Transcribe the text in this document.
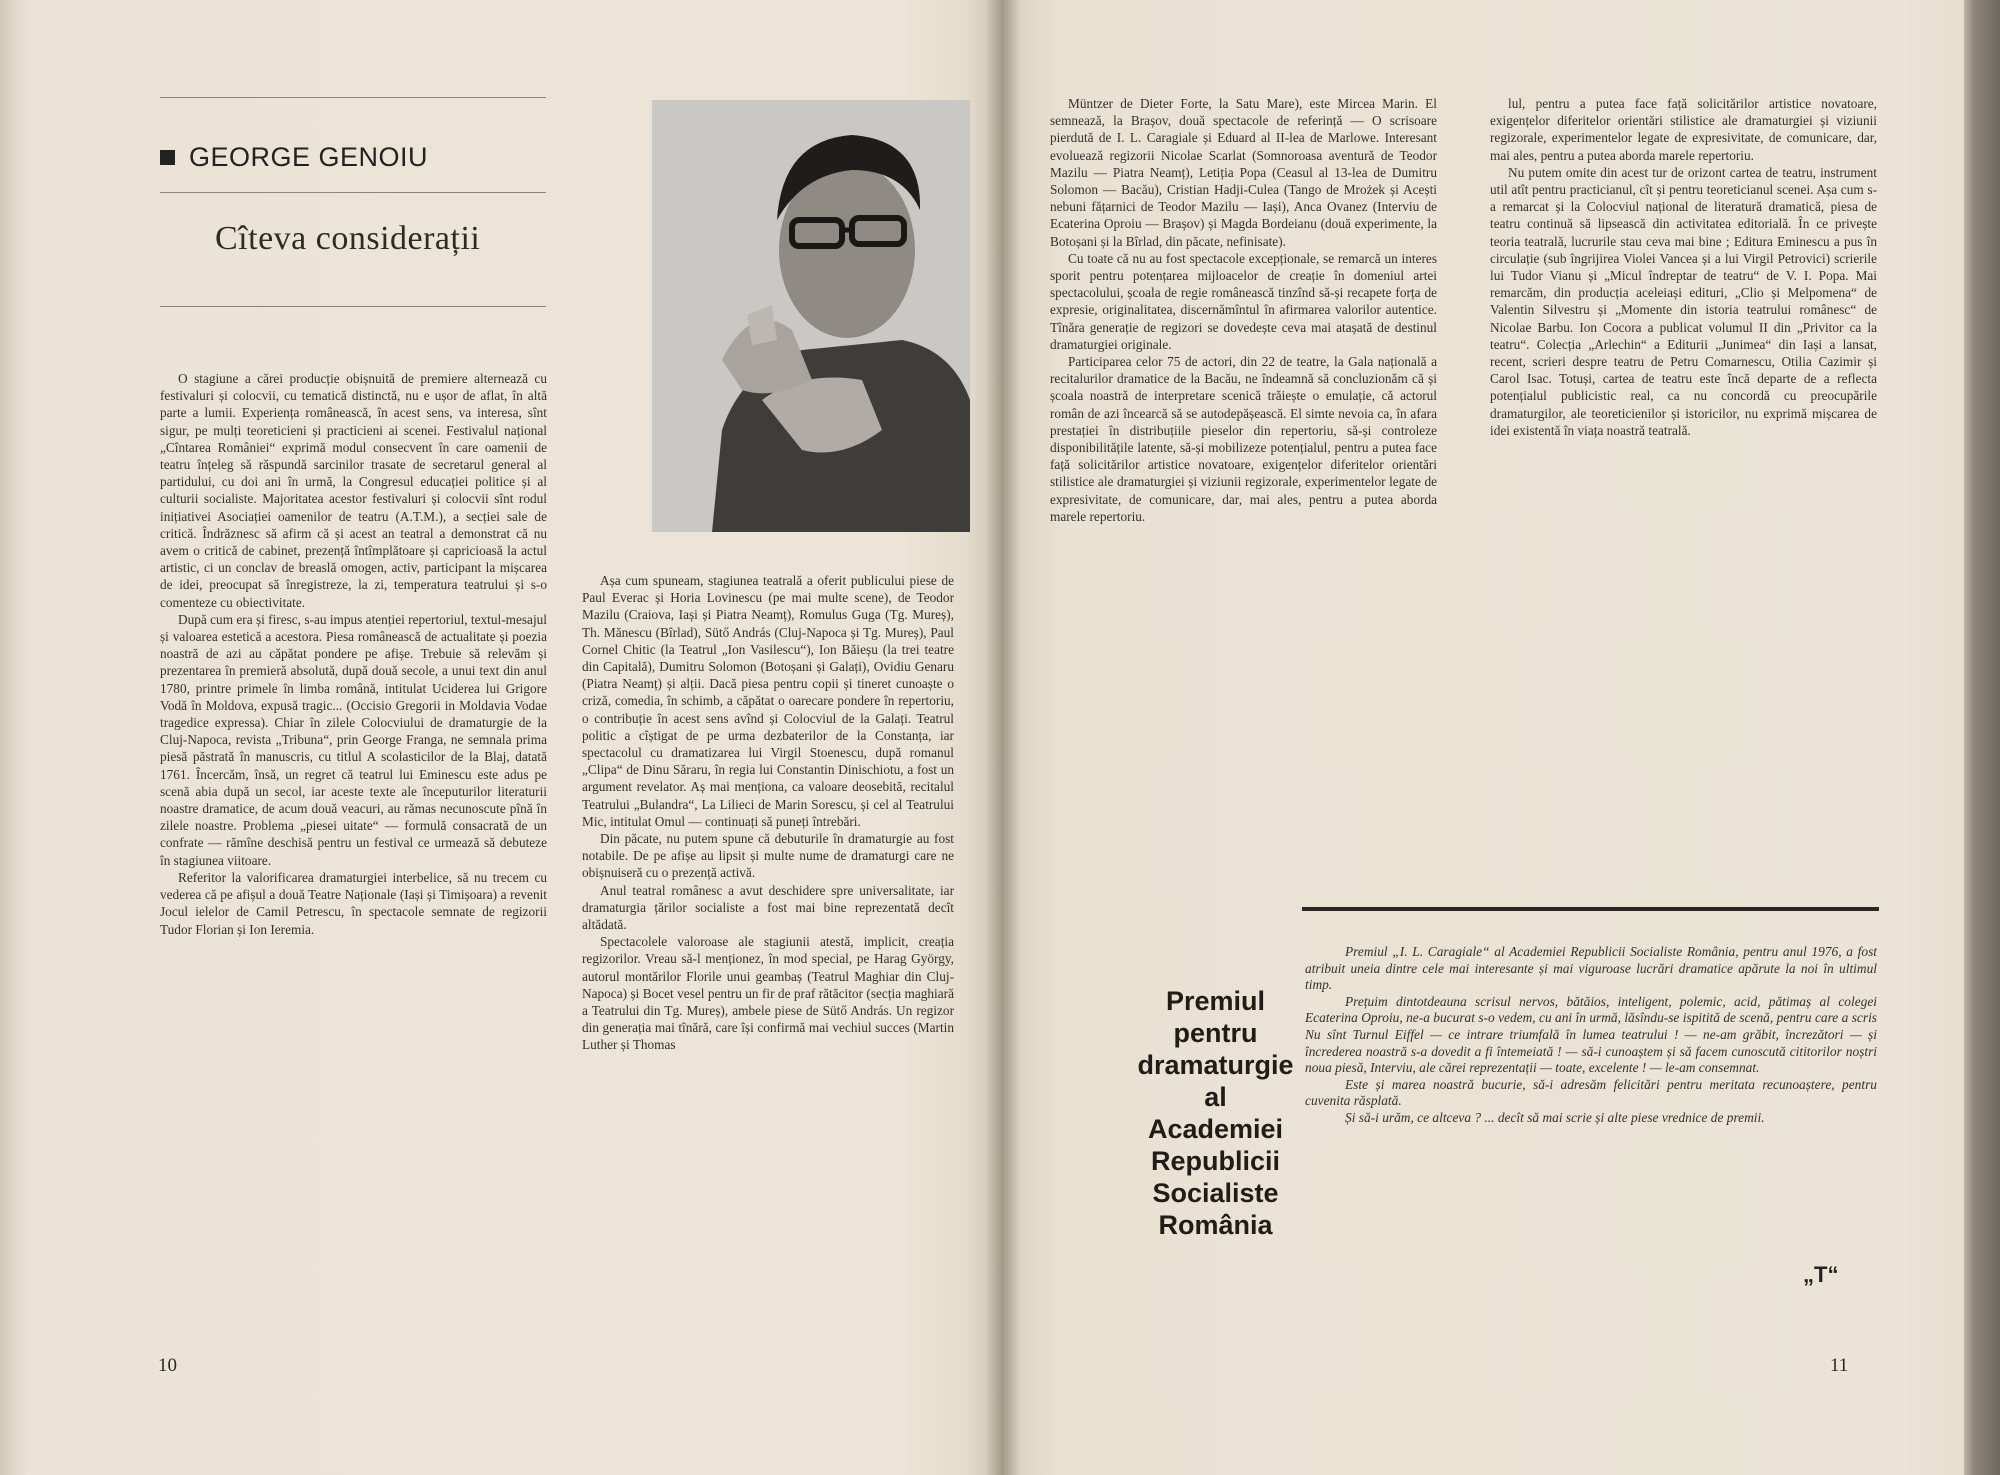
GEORGE GENOIU
Cîteva considerații

O stagiune a cărei producție obișnuită de premiere alternează cu festivaluri și colocvii, cu tematică distinctă, nu e ușor de aflat, în altă parte a lumii. Experiența românească, în acest sens, va interesa, sînt sigur, pe mulți teoreticieni și practicieni ai scenei. Festivalul național „Cîntarea României“ exprimă modul consecvent în care oamenii de teatru înțeleg să răspundă sarcinilor trasate de secretarul general al partidului, cu doi ani în urmă, la Congresul educației politice și al culturii socialiste. Majoritatea acestor festivaluri și colocvii sînt rodul inițiativei Asociației oamenilor de teatru (A.T.M.), a secției sale de critică. Îndrăznesc să afirm că și acest an teatral a demonstrat că nu avem o critică de cabinet, prezență întîmplătoare și capricioasă la actul artistic, ci un conclav de breaslă omogen, activ, participant la mișcarea de idei, preocupat să înregistreze, la zi, temperatura teatrului și s-o comenteze cu obiectivitate.

După cum era și firesc, s-au impus atenției repertoriul, textul-mesajul și valoarea estetică a acestora. Piesa românească de actualitate și poezia noastră de azi au căpătat pondere pe afișe. Trebuie să relevăm și prezentarea în premieră absolută, după două secole, a unui text din anul 1780, printre primele în limba română, intitulat Uciderea lui Grigore Vodă în Moldova, expusă tragic... (Occisio Gregorii in Moldavia Vodae tragedice expressa). Chiar în zilele Colocviului de dramaturgie de la Cluj-Napoca, revista „Tribuna“, prin George Franga, ne semnala prima piesă păstrată în manuscris, cu titlul A scolasticilor de la Blaj, datată 1761. Încercăm, însă, un regret că teatrul lui Eminescu este adus pe scenă abia după un secol, iar aceste texte ale începuturilor literaturii noastre dramatice, de acum două veacuri, au rămas necunoscute pînă în zilele noastre. Problema „piesei uitate“ — formulă consacrată de un confrate — rămîne deschisă pentru un festival ce urmează să debuteze în stagiunea viitoare.

Referitor la valorificarea dramaturgiei interbelice, să nu trecem cu vederea că pe afișul a două Teatre Naționale (Iași și Timișoara) a revenit Jocul ielelor de Camil Petrescu, în spectacole semnate de regizorii Tudor Florian și Ion Ieremia.

Așa cum spuneam, stagiunea teatrală a oferit publicului piese de Paul Everac și Horia Lovinescu (pe mai multe scene), de Teodor Mazilu (Craiova, Iași și Piatra Neamț), Romulus Guga (Tg. Mureș), Th. Mănescu (Bîrlad), Sütő András (Cluj-Napoca și Tg. Mureș), Paul Cornel Chitic (la Teatrul „Ion Vasilescu“), Ion Băieșu (la trei teatre din Capitală), Dumitru Solomon (Botoșani și Galați), Ovidiu Genaru (Piatra Neamț) și alții. Dacă piesa pentru copii și tineret cunoaște o criză, comedia, în schimb, a căpătat o oarecare pondere în repertoriu, o contribuție în acest sens avînd și Colocviul de la Galați. Teatrul politic a cîștigat de pe urma dezbaterilor de la Constanța, iar spectacolul cu dramatizarea lui Virgil Stoenescu, după romanul „Clipa“ de Dinu Săraru, în regia lui Constantin Dinischiotu, a fost un argument revelator. Aș mai menționa, ca valoare deosebită, recitalul Teatrului „Bulandra“, La Lilieci de Marin Sorescu, și cel al Teatrului Mic, intitulat Omul — continuați să puneți întrebări.

Din păcate, nu putem spune că debuturile în dramaturgie au fost notabile. De pe afișe au lipsit și multe nume de dramaturgi care ne obișnuiseră cu o prezență activă.

Anul teatral românesc a avut deschidere spre universalitate, iar dramaturgia țărilor socialiste a fost mai bine reprezentată decît altădată.

Spectacolele valoroase ale stagiunii atestă, implicit, creația regizorilor. Vreau să-l menționez, în mod special, pe Harag György, autorul montărilor Florile unui geambaș (Teatrul Maghiar din Cluj-Napoca) și Bocet vesel pentru un fir de praf rătăcitor (secția maghiară a Teatrului din Tg. Mureș), ambele piese de Sütő András. Un regizor din generația mai tînără, care își confirmă mai vechiul succes (Martin Luther și Thomas

10

Müntzer de Dieter Forte, la Satu Mare), este Mircea Marin. El semnează, la Brașov, două spectacole de referință — O scrisoare pierdută de I. L. Caragiale și Eduard al II-lea de Marlowe. Interesant evoluează regizorii Nicolae Scarlat (Somnoroasa aventură de Teodor Mazilu — Piatra Neamț), Letiția Popa (Ceasul al 13-lea de Dumitru Solomon — Bacău), Cristian Hadji-Culea (Tango de Mrożek și Acești nebuni fățarnici de Teodor Mazilu — Iași), Anca Ovanez (Interviu de Ecaterina Oproiu — Brașov) și Magda Bordeianu (două experimente, la Botoșani și la Bîrlad, din păcate, nefinisate).

Cu toate că nu au fost spectacole excepționale, se remarcă un interes sporit pentru potențarea mijloacelor de creație în domeniul artei spectacolului, școala de regie românească tinzînd să-și recapete forța de expresie, originalitatea, discernămîntul în afirmarea valorilor autentice. Tînăra generație de regizori se dovedește ceva mai atașată de destinul dramaturgiei originale.

Participarea celor 75 de actori, din 22 de teatre, la Gala națională a recitalurilor dramatice de la Bacău, ne îndeamnă să concluzionăm că și școala noastră de interpretare scenică trăiește o emulație, că actorul român de azi încearcă să se autodepășească. El simte nevoia ca, în afara prestației în distribuțiile pieselor din repertoriu, să-și controleze disponibilitățile latente, să-și mobilizeze potențialul, pentru a putea face față solicitărilor artistice novatoare, exigențelor diferitelor orientări stilistice ale dramaturgiei și viziunii regizorale, experimentelor legate de expresivitate, de comunicare, dar, mai ales, pentru a putea aborda marele repertoriu.

lul, pentru a putea face față solicitărilor artistice novatoare, exigențelor diferitelor orientări stilistice ale dramaturgiei și viziunii regizorale, experimentelor legate de expresivitate, de comunicare, dar, mai ales, pentru a putea aborda marele repertoriu.

Nu putem omite din acest tur de orizont cartea de teatru, instrument util atît pentru practicianul, cît și pentru teoreticianul scenei. Așa cum s-a remarcat și la Colocviul național de literatură dramatică, piesa de teatru continuă să lipsească din activitatea editorială. În ce privește teoria teatrală, lucrurile stau ceva mai bine ; Editura Eminescu a pus în circulație (sub îngrijirea Violei Vancea și a lui Virgil Petrovici) scrierile lui Tudor Vianu și „Micul îndreptar de teatru“ de V. I. Popa. Mai remarcăm, din producția aceleiași edituri, „Clio și Melpomena“ de Valentin Silvestru și „Momente din istoria teatrului românesc“ de Nicolae Barbu. Ion Cocora a publicat volumul II din „Privitor ca la teatru“. Colecția „Arlechin“ a Editurii „Junimea“ din Iași a lansat, recent, scrieri despre teatru de Petru Comarnescu, Otilia Cazimir și Carol Isac. Totuși, cartea de teatru este încă departe de a reflecta potențialul publicistic real, ca nu concordă cu preocupările dramaturgilor, ale teoreticienilor și istoricilor, nu exprimă mișcarea de idei existentă în viața noastră teatrală.

Premiul
pentru
dramaturgie
al
Academiei
Republicii
Socialiste
România

Premiul „I. L. Caragiale“ al Academiei Republicii Socialiste România, pentru anul 1976, a fost atribuit uneia dintre cele mai interesante și mai viguroase lucrări dramatice apărute la noi în ultimul timp.

Prețuim dintotdeauna scrisul nervos, bătăios, inteligent, polemic, acid, pătimaș al colegei Ecaterina Oproiu, ne-a bucurat s-o vedem, cu ani în urmă, lăsîndu-se ispitită de scenă, pentru care a scris Nu sînt Turnul Eiffel — ce intrare triumfală în lumea teatrului ! — ne-am grăbit, încrezători — și încrederea noastră s-a dovedit a fi întemeiată ! — să-i cunoaștem și să facem cunoscută cititorilor noștri noua piesă, Interviu, ale cărei reprezentații — toate, excelente ! — le-am consemnat.

Este și marea noastră bucurie, să-i adresăm felicitări pentru meritata recunoaștere, pentru cuvenita răsplată.

Și să-i urăm, ce altceva ? ... decît să mai scrie și alte piese vrednice de premii.

„T“
11
